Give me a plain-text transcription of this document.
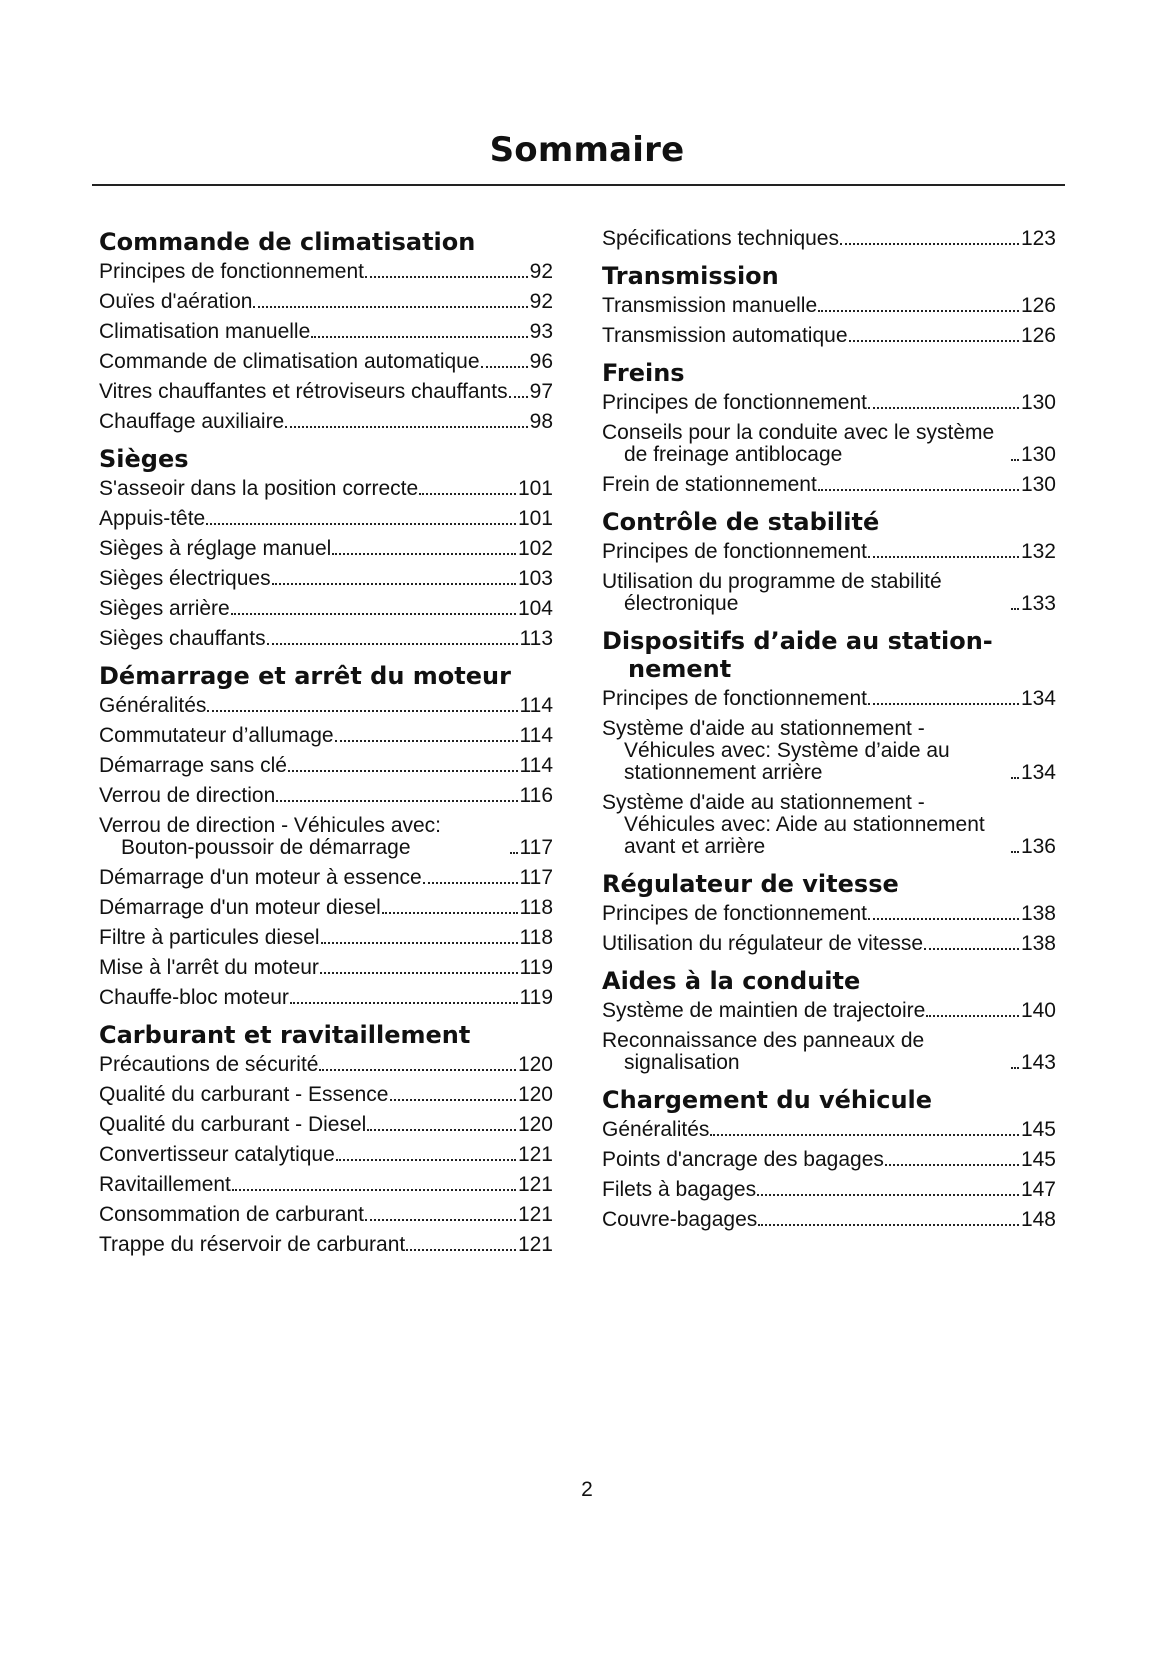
Sommaire
Commande de climatisation
Principes de fonctionnement	92
Ouïes d'aération	92
Climatisation manuelle	93
Commande de climatisation automatique 96
Vitres chauffantes et rétroviseurs chauffants 97
Chauffage auxiliaire	98
Sièges
S'asseoir dans la position correcte	101
Appuis-tête	101
Sièges à réglage manuel	102
Sièges électriques	103
Sièges arrière	104
Sièges chauffants	113
Démarrage et arrêt du moteur
Généralités	114
Commutateur d’allumage	114
Démarrage sans clé	114
Verrou de direction	116
Verrou de direction - Véhicules avec: Bouton-poussoir de démarrage	117
Démarrage d'un moteur à essence	117
Démarrage d'un moteur diesel	118
Filtre à particules diesel	118
Mise à l'arrêt du moteur	119
Chauffe-bloc moteur	119
Carburant et ravitaillement
Précautions de sécurité	120
Qualité du carburant - Essence	120
Qualité du carburant - Diesel	120
Convertisseur catalytique	121
Ravitaillement	121
Consommation de carburant	121
Trappe du réservoir de carburant	121
Spécifications techniques	123
Transmission
Transmission manuelle	126
Transmission automatique	126
Freins
Principes de fonctionnement	130
Conseils pour la conduite avec le système de freinage antiblocage	130
Frein de stationnement	130
Contrôle de stabilité
Principes de fonctionnement	132
Utilisation du programme de stabilité électronique	133
Dispositifs d’aide au station-nement
Principes de fonctionnement	134
Système d'aide au stationnement - Véhicules avec: Système d’aide au stationnement arrière	134
Système d'aide au stationnement - Véhicules avec: Aide au stationnement avant et arrière	136
Régulateur de vitesse
Principes de fonctionnement	138
Utilisation du régulateur de vitesse	138
Aides à la conduite
Système de maintien de trajectoire	140
Reconnaissance des panneaux de signalisation	143
Chargement du véhicule
Généralités	145
Points d'ancrage des bagages	145
Filets à bagages	147
Couvre-bagages	148
2
